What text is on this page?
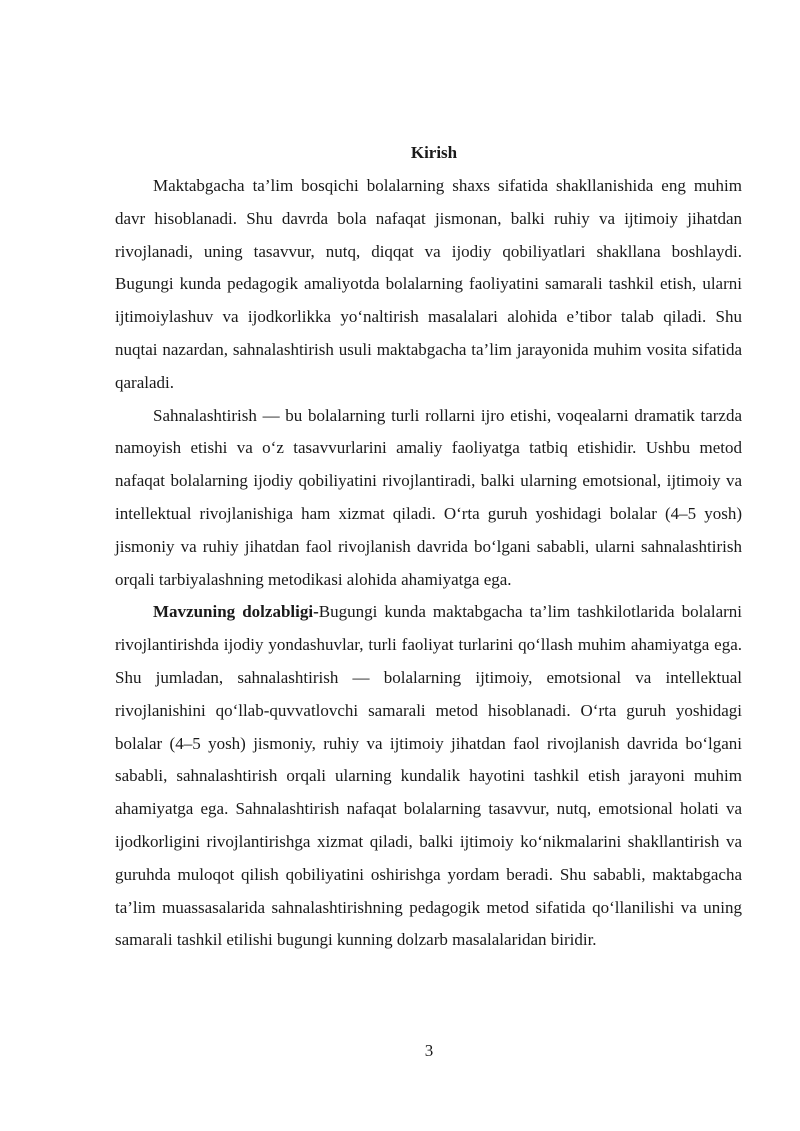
Kirish

Maktabgacha ta’lim bosqichi bolalarning shaxs sifatida shakllanishida eng muhim davr hisoblanadi. Shu davrda bola nafaqat jismonan, balki ruhiy va ijtimoiy jihatdan rivojlanadi, uning tasavvur, nutq, diqqat va ijodiy qobiliyatlari shakllana boshlaydi. Bugungi kunda pedagogik amaliyotda bolalarning faoliyatini samarali tashkil etish, ularni ijtimoiylashuv va ijodkorlikka yo‘naltirish masalalari alohida e’tibor talab qiladi. Shu nuqtai nazardan, sahnalashtirish usuli maktabgacha ta’lim jarayonida muhim vosita sifatida qaraladi.

Sahnalashtirish — bu bolalarning turli rollarni ijro etishi, voqealarni dramatik tarzda namoyish etishi va o‘z tasavvurlarini amaliy faoliyatga tatbiq etishidir. Ushbu metod nafaqat bolalarning ijodiy qobiliyatini rivojlantiradi, balki ularning emotsional, ijtimoiy va intellektual rivojlanishiga ham xizmat qiladi. O‘rta guruh yoshidagi bolalar (4–5 yosh) jismoniy va ruhiy jihatdan faol rivojlanish davrida bo‘lgani sababli, ularni sahnalashtirish orqali tarbiyalashning metodikasi alohida ahamiyatga ega.

Mavzuning dolzabligi-Bugungi kunda maktabgacha ta’lim tashkilotlarida bolalarni rivojlantirishda ijodiy yondashuvlar, turli faoliyat turlarini qo‘llash muhim ahamiyatga ega. Shu jumladan, sahnalashtirish — bolalarning ijtimoiy, emotsional va intellektual rivojlanishini qo‘llab-quvvatlovchi samarali metod hisoblanadi. O‘rta guruh yoshidagi bolalar (4–5 yosh) jismoniy, ruhiy va ijtimoiy jihatdan faol rivojlanish davrida bo‘lgani sababli, sahnalashtirish orqali ularning kundalik hayotini tashkil etish jarayoni muhim ahamiyatga ega. Sahnalashtirish nafaqat bolalarning tasavvur, nutq, emotsional holati va ijodkorligini rivojlantirishga xizmat qiladi, balki ijtimoiy ko‘nikmalarini shakllantirish va guruhda muloqot qilish qobiliyatini oshirishga yordam beradi. Shu sababli, maktabgacha ta’lim muassasalarida sahnalashtirishning pedagogik metod sifatida qo‘llanilishi va uning samarali tashkil etilishi bugungi kunning dolzarb masalalaridan biridir.

3
